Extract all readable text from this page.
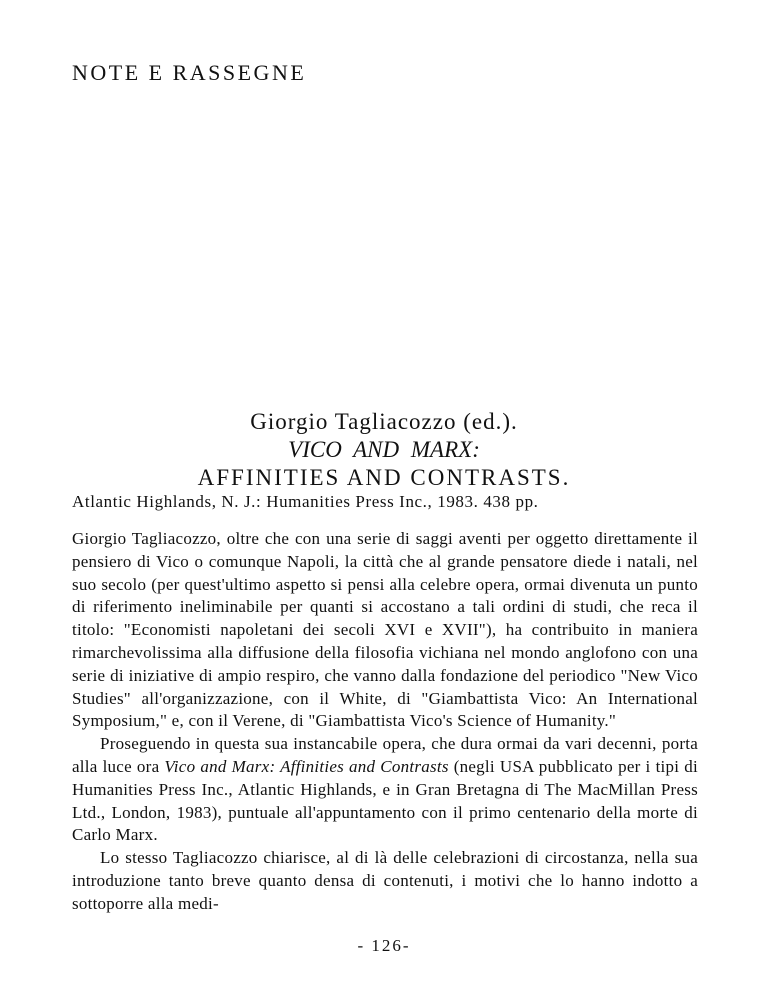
NOTE E RASSEGNE
Giorgio Tagliacozzo (ed.).
VICO AND MARX:
AFFINITIES AND CONTRASTS.
Atlantic Highlands, N. J.: Humanities Press Inc., 1983. 438 pp.

Giorgio Tagliacozzo, oltre che con una serie di saggi aventi per oggetto direttamente il pensiero di Vico o comunque Napoli, la città che al grande pensatore diede i natali, nel suo secolo (per quest'ultimo aspetto si pensi alla celebre opera, ormai divenuta un punto di riferimento ineliminabile per quanti si accostano a tali ordini di studi, che reca il titolo: "Economisti napoletani dei secoli XVI e XVII"), ha contribuito in maniera rimarchevolissima alla diffusione della filosofia vichiana nel mondo anglofono con una serie di iniziative di ampio respiro, che vanno dalla fondazione del periodico "New Vico Studies" all'organizzazione, con il White, di "Giambattista Vico: An International Symposium," e, con il Verene, di "Giambattista Vico's Science of Humanity."

Proseguendo in questa sua instancabile opera, che dura ormai da vari decenni, porta alla luce ora Vico and Marx: Affinities and Contrasts (negli USA pubblicato per i tipi di Humanities Press Inc., Atlantic Highlands, e in Gran Bretagna di The MacMillan Press Ltd., London, 1983), puntuale all'appuntamento con il primo centenario della morte di Carlo Marx.

Lo stesso Tagliacozzo chiarisce, al di là delle celebrazioni di circostanza, nella sua introduzione tanto breve quanto densa di contenuti, i motivi che lo hanno indotto a sottoporre alla medi-

- 126-
